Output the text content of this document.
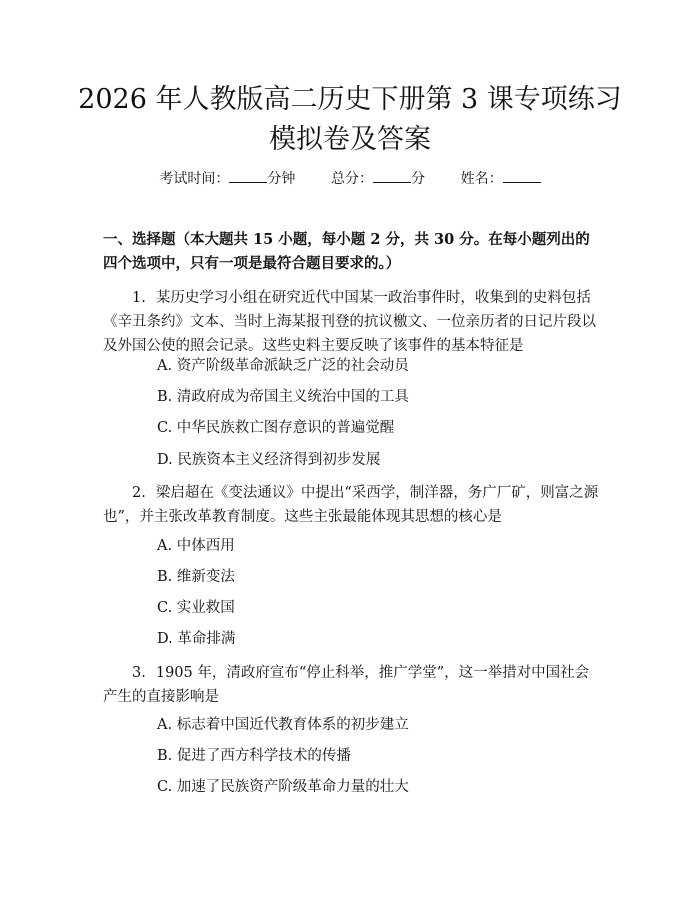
2026 年人教版高二历史下册第 3 课专项练习
模拟卷及答案
考试时间：	分钟	总分：	分	姓名：

一、选择题（本大题共 15 小题，每小题 2 分，共 30 分。在每小题列出的四个选项中，只有一项是最符合题目要求的。）

1. 某历史学习小组在研究近代中国某一政治事件时，收集到的史料包括《辛丑条约》文本、当时上海某报刊登的抗议檄文、一位亲历者的日记片段以及外国公使的照会记录。这些史料主要反映了该事件的基本特征是

A. 资产阶级革命派缺乏广泛的社会动员

B. 清政府成为帝国主义统治中国的工具

C. 中华民族救亡图存意识的普遍觉醒

D. 民族资本主义经济得到初步发展

2. 梁启超在《变法通议》中提出“采西学，制洋器，务广厂矿，则富之源也”，并主张改革教育制度。这些主张最能体现其思想的核心是

A. 中体西用

B. 维新变法

C. 实业救国

D. 革命排满

3. 1905 年，清政府宣布“停止科举，推广学堂”，这一举措对中国社会产生的直接影响是

A. 标志着中国近代教育体系的初步建立

B. 促进了西方科学技术的传播

C. 加速了民族资产阶级革命力量的壮大
